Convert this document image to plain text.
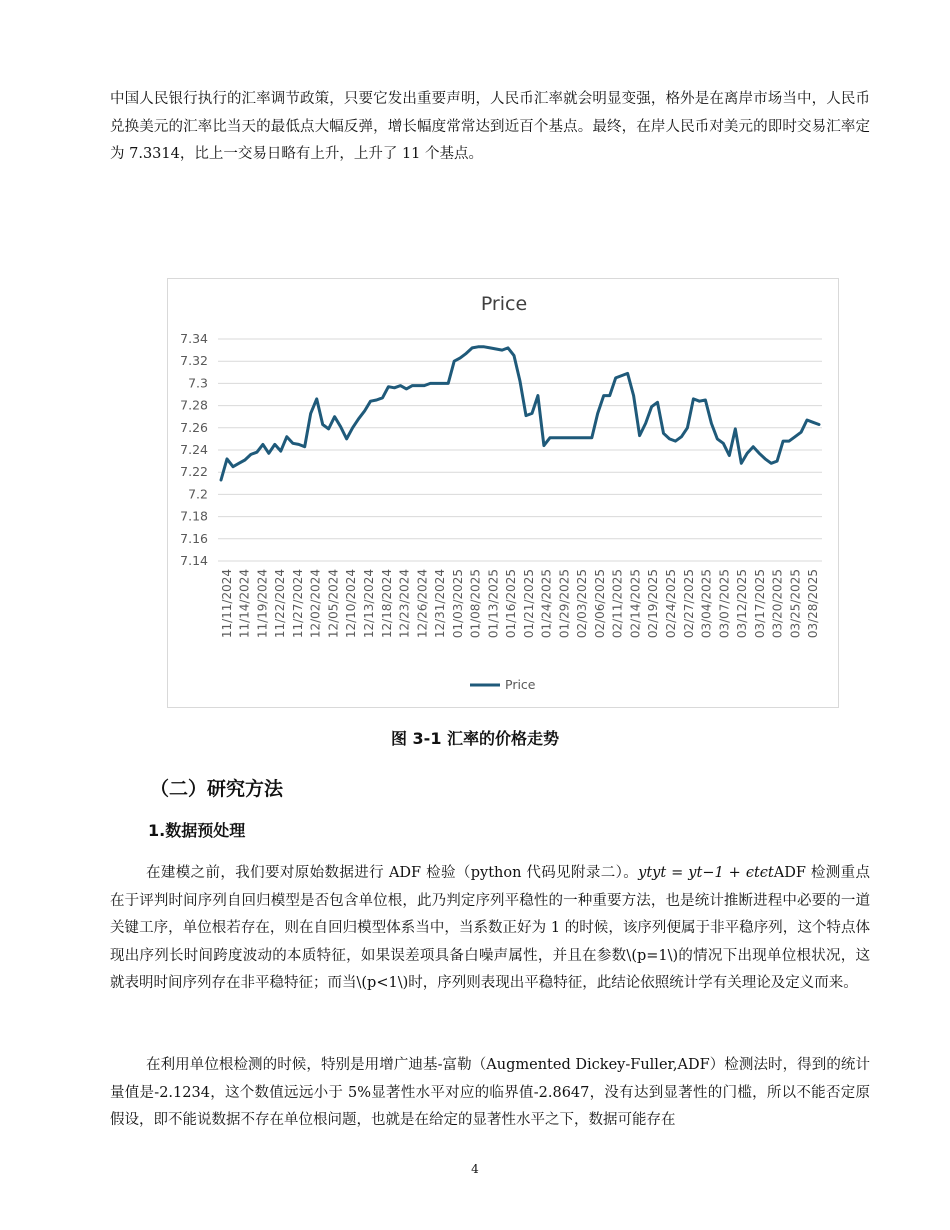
中国人民银行执行的汇率调节政策，只要它发出重要声明，人民币汇率就会明显变强，格外是在离岸市场当中，人民币兑换美元的汇率比当天的最低点大幅反弹，增长幅度常常达到近百个基点。最终，在岸人民币对美元的即时交易汇率定为 7.3314，比上一交易日略有上升，上升了 11 个基点。

Price
7.34
7.32
7.3
7.28
7.26
7.24
7.22
7.2
7.18
7.16
7.14
11/11/2024 11/14/2024 11/19/2024 11/22/2024 11/27/2024 12/02/2024 12/05/2024 12/10/2024 12/13/2024 12/18/2024 12/23/2024 12/26/2024 12/31/2024 01/03/2025 01/08/2025 01/13/2025 01/16/2025 01/21/2025 01/24/2025 01/29/2025 02/03/2025 02/06/2025 02/11/2025 02/14/2025 02/19/2025 02/24/2025 02/27/2025 03/04/2025 03/07/2025 03/12/2025 03/17/2025 03/20/2025 03/25/2025 03/28/2025
Price
图 3-1 汇率的价格走势
（二）研究方法
1.数据预处理

在建模之前，我们要对原始数据进行 ADF 检验（python 代码见附录二）。ytyt = yt−1 + ϵtϵtADF 检测重点在于评判时间序列自回归模型是否包含单位根，此乃判定序列平稳性的一种重要方法，也是统计推断进程中必要的一道关键工序，单位根若存在，则在自回归模型体系当中，当系数正好为 1 的时候，该序列便属于非平稳序列，这个特点体现出序列长时间跨度波动的本质特征，如果误差项具备白噪声属性，并且在参数\(p=1\)的情况下出现单位根状况，这就表明时间序列存在非平稳特征；而当\(p<1\)时，序列则表现出平稳特征，此结论依照统计学有关理论及定义而来。

在利用单位根检测的时候，特别是用增广迪基-富勒（Augmented Dickey-Fuller,ADF）检测法时，得到的统计量值是-2.1234，这个数值远远小于 5%显著性水平对应的临界值-2.8647，没有达到显著性的门槛，所以不能否定原假设，即不能说数据不存在单位根问题，也就是在给定的显著性水平之下，数据可能存在

4
